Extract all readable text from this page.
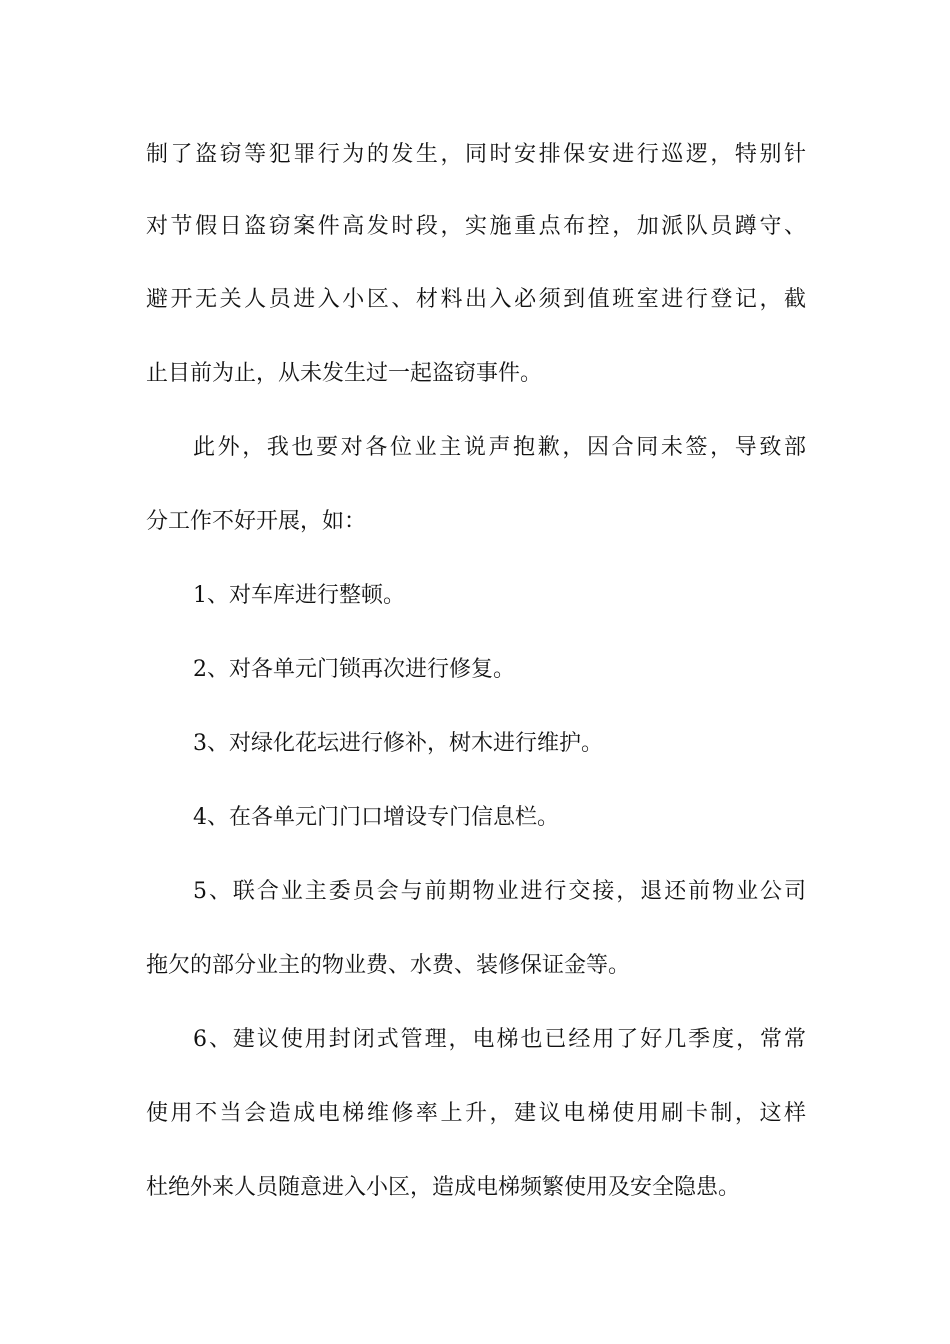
制了盗窃等犯罪行为的发生，同时安排保安进行巡逻，特别针

对节假日盗窃案件高发时段，实施重点布控，加派队员蹲守、

避开无关人员进入小区、材料出入必须到值班室进行登记，截

止目前为止，从未发生过一起盗窃事件。

此外，我也要对各位业主说声抱歉，因合同未签，导致部

分工作不好开展，如：

1、对车库进行整顿。

2、对各单元门锁再次进行修复。

3、对绿化花坛进行修补，树木进行维护。

4、在各单元门门口增设专门信息栏。

5、联合业主委员会与前期物业进行交接，退还前物业公司

拖欠的部分业主的物业费、水费、装修保证金等。

6、建议使用封闭式管理，电梯也已经用了好几季度，常常

使用不当会造成电梯维修率上升，建议电梯使用刷卡制，这样

杜绝外来人员随意进入小区，造成电梯频繁使用及安全隐患。
